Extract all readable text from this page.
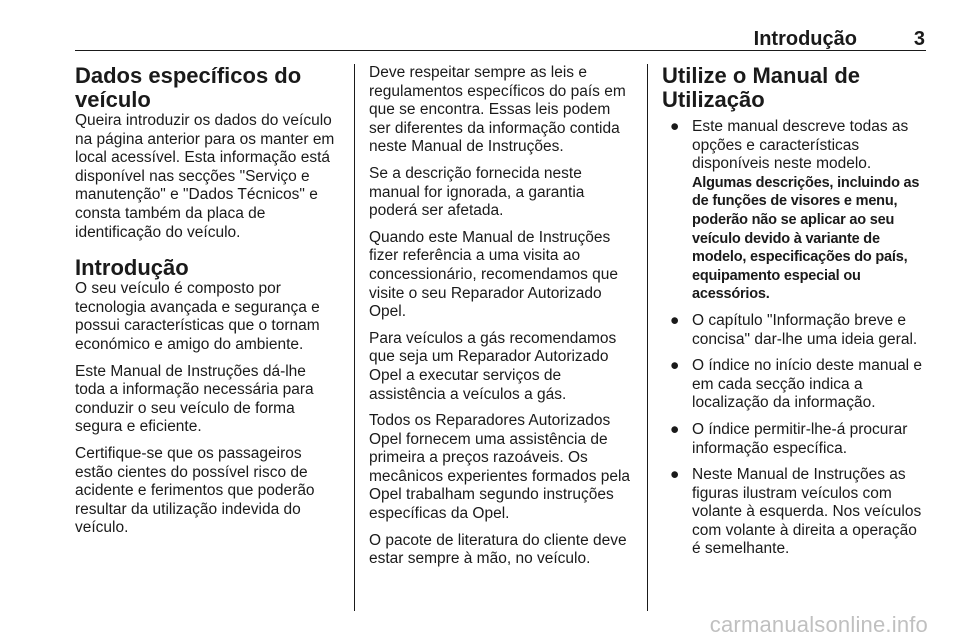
Introdução	3
Dados específicos do veículo

Queira introduzir os dados do veículo na página anterior para os manter em local acessível. Esta informação está disponível nas secções "Serviço e manutenção" e "Dados Técnicos" e consta também da placa de identificação do veículo.

Introdução

O seu veículo é composto por tecnologia avançada e segurança e possui características que o tornam económico e amigo do ambiente.

Este Manual de Instruções dá-lhe toda a informação necessária para conduzir o seu veículo de forma segura e eficiente.

Certifique-se que os passageiros estão cientes do possível risco de acidente e ferimentos que poderão resultar da utilização indevida do veículo.

Deve respeitar sempre as leis e regulamentos específicos do país em que se encontra. Essas leis podem ser diferentes da informação contida neste Manual de Instruções.

Se a descrição fornecida neste manual for ignorada, a garantia poderá ser afetada.

Quando este Manual de Instruções fizer referência a uma visita ao concessionário, recomendamos que visite o seu Reparador Autorizado Opel.

Para veículos a gás recomendamos que seja um Reparador Autorizado Opel a executar serviços de assistência a veículos a gás.

Todos os Reparadores Autorizados Opel fornecem uma assistência de primeira a preços razoáveis. Os mecânicos experientes formados pela Opel trabalham segundo instruções específicas da Opel.

O pacote de literatura do cliente deve estar sempre à mão, no veículo.

Utilize o Manual de Utilização
● Este manual descreve todas as opções e características disponíveis neste modelo.
Algumas descrições, incluindo as de funções de visores e menu, poderão não se aplicar ao seu veículo devido à variante de modelo, especificações do país, equipamento especial ou acessórios.
● O capítulo "Informação breve e concisa" dar-lhe uma ideia geral.
● O índice no início deste manual e em cada secção indica a localização da informação.
● O índice permitir-lhe-á procurar informação específica.
● Neste Manual de Instruções as figuras ilustram veículos com volante à esquerda. Nos veículos com volante à direita a operação é semelhante.
carmanualsonline.info
